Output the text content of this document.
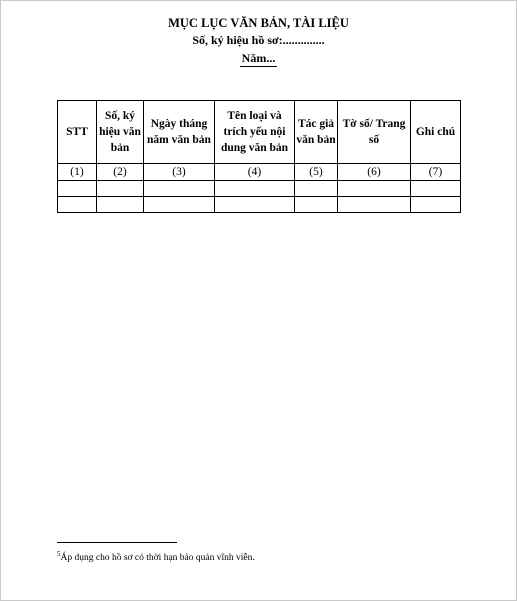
MỤC LỤC VĂN BẢN, TÀI LIỆU
Số, ký hiệu hồ sơ:..............
Năm...
STT	Số, ký hiệu văn bản	Ngày tháng năm văn bản	Tên loại và trích yếu nội dung văn bản	Tác giả văn bản	Tờ số/ Trang số	Ghi chú
(1)	(2)	(3)	(4)	(5)	(6)	(7)

$^5$Áp dụng cho hồ sơ có thời hạn bảo quản vĩnh viễn.
